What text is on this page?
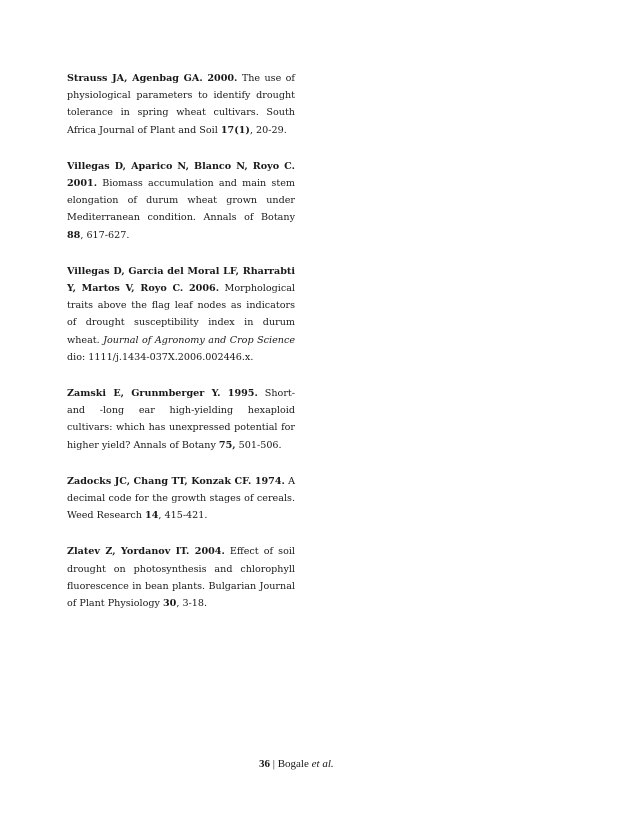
Strauss JA, Agenbag GA. 2000. The use of physiological parameters to identify drought tolerance in spring wheat cultivars. South Africa Journal of Plant and Soil 17(1), 20-29.

Villegas D, Aparico N, Blanco N, Royo C. 2001. Biomass accumulation and main stem elongation of durum wheat grown under Mediterranean condition. Annals of Botany 88, 617-627.

Villegas D, Garcia del Moral LF, Rharrabti Y, Martos V, Royo C. 2006. Morphological traits above the flag leaf nodes as indicators of drought susceptibility index in durum wheat. Journal of Agronomy and Crop Science dio: 1111/j.1434-037X.2006.002446.x.

Zamski E, Grunmberger Y. 1995. Short- and -long ear high-yielding hexaploid cultivars: which has unexpressed potential for higher yield? Annals of Botany 75, 501-506.

Zadocks JC, Chang TT, Konzak CF. 1974. A decimal code for the growth stages of cereals. Weed Research 14, 415-421.

Zlatev Z, Yordanov IT. 2004. Effect of soil drought on photosynthesis and chlorophyll fluorescence in bean plants. Bulgarian Journal of Plant Physiology 30, 3-18.

36 | Bogale et al.
